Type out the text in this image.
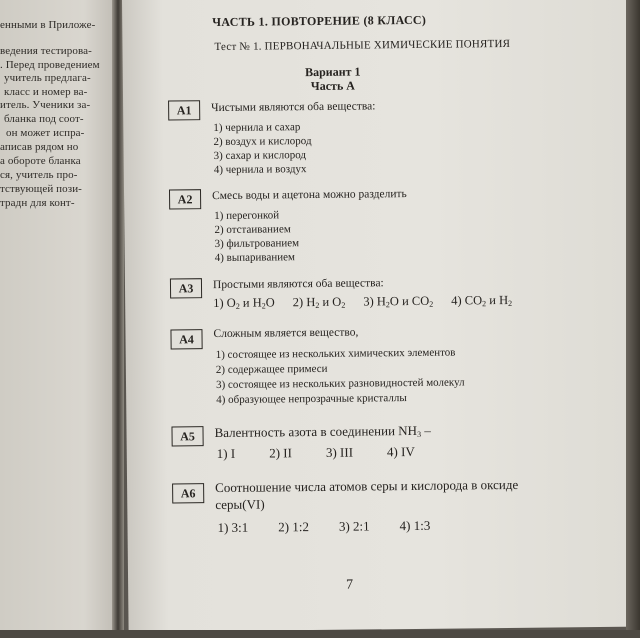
енными в Приложе-
ведения тестирова-
. Перед проведением
учитель предлага-
класс и номер ва-
итель. Ученики за-
бланка под соот-
он может испра-
аписав рядом но
а обороте бланка
ся, учитель про-
тствующей пози-
традн для конт-
ЧАСТЬ 1. ПОВТОРЕНИЕ (8 КЛАСС)
Тест № 1. ПЕРВОНАЧАЛЬНЫЕ ХИМИЧЕСКИЕ ПОНЯТИЯ
Вариант 1
Часть А
А1	Чистыми являются оба вещества:
1) чернила и сахар
2) воздух и кислород
3) сахар и кислород
4) чернила и воздух
А2	Смесь воды и ацетона можно разделить
1) перегонкой
2) отстаиванием
3) фильтрованием
4) выпариванием
А3	Простыми являются оба вещества:
1) $O_2$ и $H_2O$ 2) $H_2$ и $O_2$ 3) $H_2O$ и $CO_2$ 4) $CO_2$ и $H_2$
А4	Сложным является вещество,
1) состоящее из нескольких химических элементов
2) содержащее примеси
3) состоящее из нескольких разновидностей молекул
4) образующее непрозрачные кристаллы
А5	Валентность азота в соединении $NH_3$ –
1) I	2) II	3) III	4) IV
А6	Соотношение числа атомов серы и кислорода в оксиде
серы(VI)
1) 3:1 2) 1:2 3) 2:1 4) 1:3
7
